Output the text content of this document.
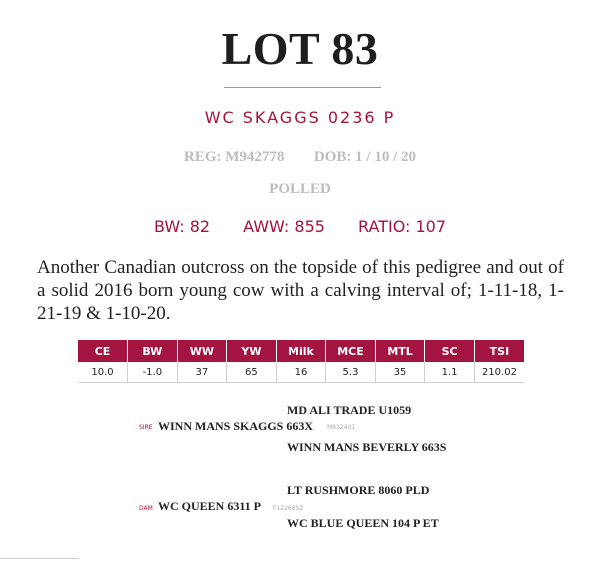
LOT 83
WC SKAGGS 0236 P
REG: M942778 DOB: 1 / 10 / 20
POLLED
BW: 82 AWW: 855 RATIO: 107
Another Canadian outcross on the topside of this pedigree and out of a solid 2016 born young cow with a calving interval of; 1-11-18, 1-21-19 & 1-10-20.
CE	BW	WW	YW	Milk	MCE	MTL	SC	TSI
10.0	-1.0	37	65	16	5.3	35	1.1	210.02
MD ALI TRADE U1059
SIRE WINN MANS SKAGGS 663X M932401
WINN MANS BEVERLY 663S
LT RUSHMORE 8060 PLD
DAM WC QUEEN 6311 P F1226852
WC BLUE QUEEN 104 P ET
